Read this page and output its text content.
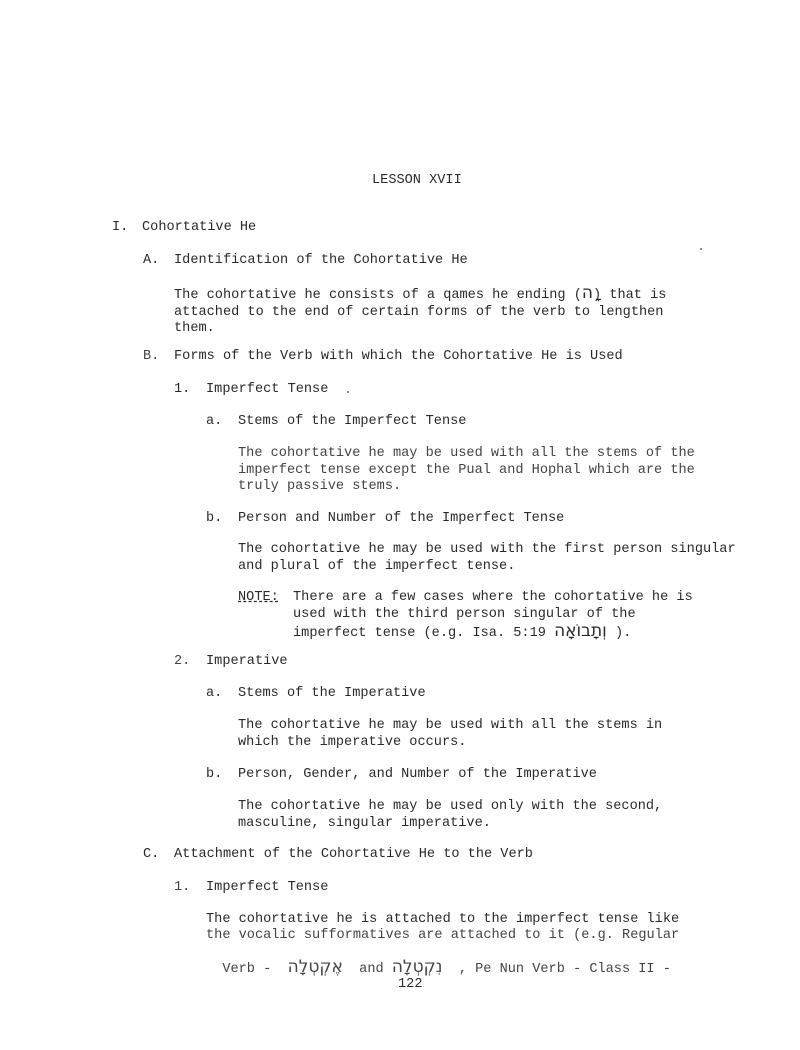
LESSON XVII
I. Cohortative He
A. Identification of the Cohortative He
The cohortative he consists of a qames he ending (ָה) that is attached to the end of certain forms of the verb to lengthen them.
B. Forms of the Verb with which the Cohortative He is Used
1. Imperfect Tense
a. Stems of the Imperfect Tense
The cohortative he may be used with all the stems of the imperfect tense except the Pual and Hophal which are the truly passive stems.
b. Person and Number of the Imperfect Tense
The cohortative he may be used with the first person singular and plural of the imperfect tense.
NOTE: There are a few cases where the cohortative he is used with the third person singular of the imperfect tense (e.g. Isa. 5:19 וְתָבוֹאָה ).
2. Imperative
a. Stems of the Imperative
The cohortative he may be used with all the stems in which the imperative occurs.
b. Person, Gender, and Number of the Imperative
The cohortative he may be used only with the second, masculine, singular imperative.
C. Attachment of the Cohortative He to the Verb
1. Imperfect Tense
The cohortative he is attached to the imperfect tense like
the vocalic sufformatives are attached to it (e.g. Regular

Verb - אֶקְטְלָה and נִקְטְלָה , Pe Nun Verb - Class II -

122
